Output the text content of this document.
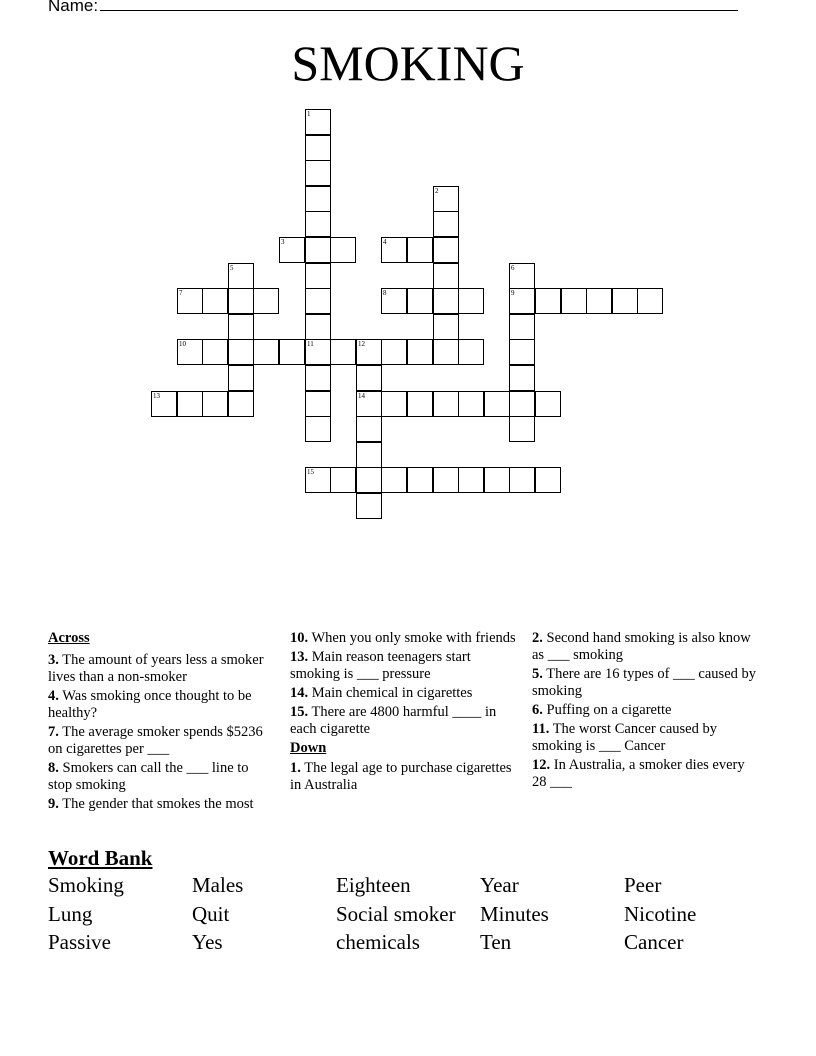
Name:
SMOKING
1
2
3	4
5	6
9
7	8
10	11	12
14
13
15
Across
3. The amount of years less a smoker lives than a non-smoker
4. Was smoking once thought to be healthy?
7. The average smoker spends $5236 on cigarettes per ___
8. Smokers can call the ___ line to stop smoking
9. The gender that smokes the most
10. When you only smoke with friends
13. Main reason teenagers start smoking is ___ pressure
14. Main chemical in cigarettes
15. There are 4800 harmful ____ in each cigarette
Down
1. The legal age to purchase cigarettes in Australia
2. Second hand smoking is also know as ___ smoking
5. There are 16 types of ___ caused by smoking
6. Puffing on a cigarette
11. The worst Cancer caused by smoking is ___ Cancer
12. In Australia, a smoker dies every 28 ___
Word Bank
Smoking	Males	Eighteen	Year	Peer
Lung	Quit	Social smoker	Minutes	Nicotine
Passive	Yes	chemicals	Ten	Cancer
